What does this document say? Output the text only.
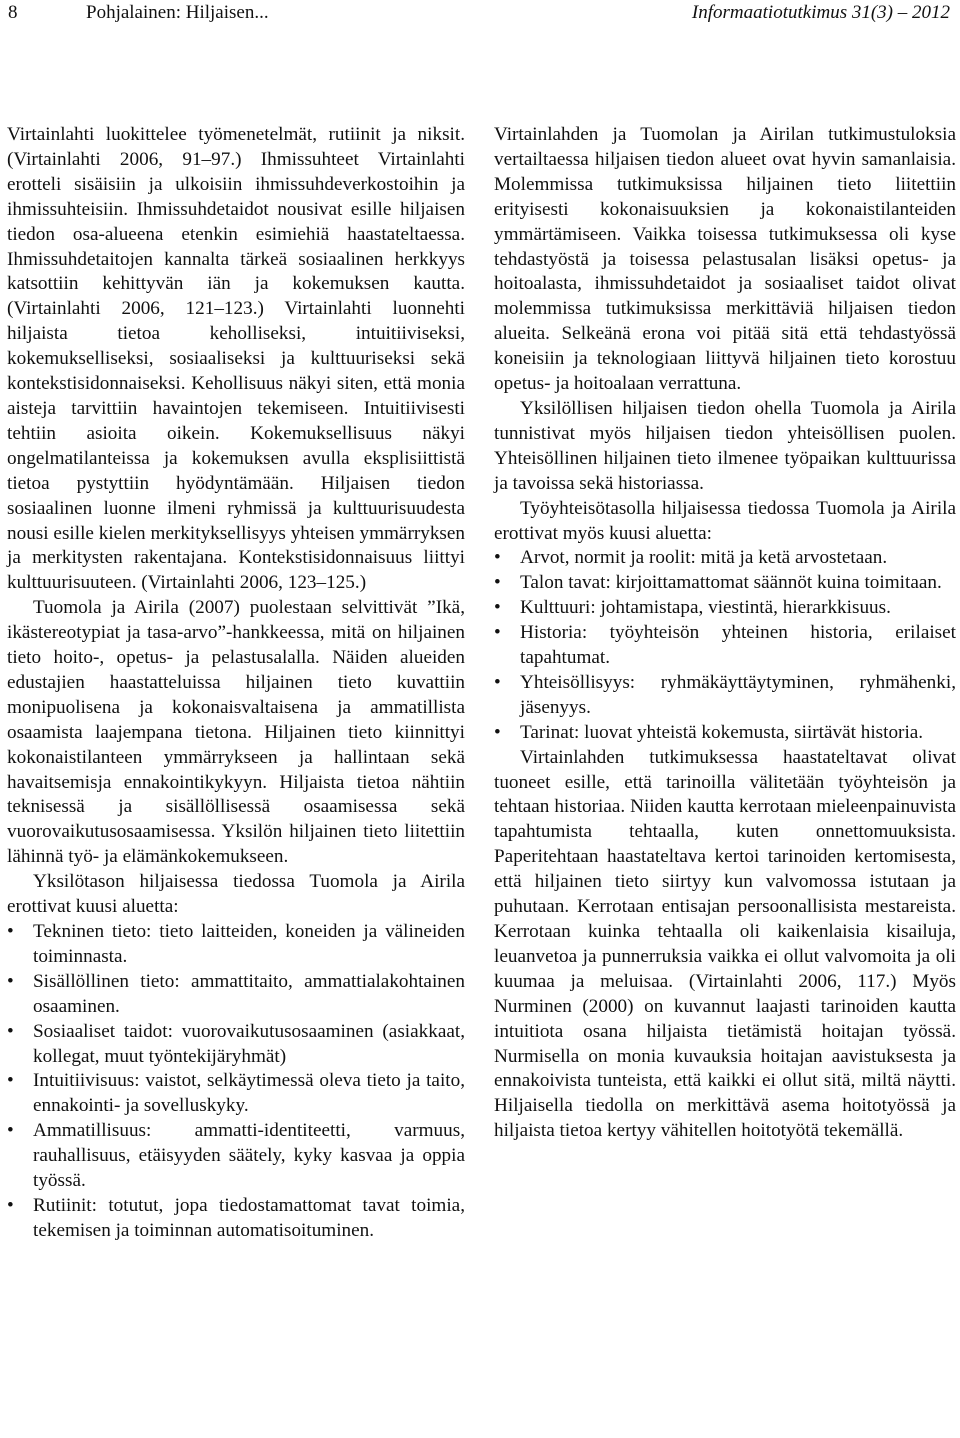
8	Pohjalainen: Hiljaisen...	Informaatiotutkimus 31(3) – 2012

Virtainlahti luokittelee työmenetelmät, rutiinit ja niksit. (Virtainlahti 2006, 91–97.) Ihmissuhteet Virtainlahti erotteli sisäisiin ja ulkoisiin ihmissuhdeverkostoihin ja ihmissuhteisiin. Ihmissuhdetaidot nousivat esille hiljaisen tiedon osa-alueena etenkin esimiehiä haastateltaessa. Ihmissuhdetaitojen kannalta tärkeä sosiaalinen herkkyys katsottiin kehittyvän iän ja kokemuksen kautta. (Virtainlahti 2006, 121–123.) Virtainlahti luonnehti hiljaista tietoa keholliseksi, intuitiiviseksi, kokemukselliseksi, sosiaaliseksi ja kulttuuriseksi sekä kontekstisidonnaiseksi. Kehollisuus näkyi siten, että monia aisteja tarvittiin havaintojen tekemiseen. Intuitiivisesti tehtiin asioita oikein. Kokemuksellisuus näkyi ongelmatilanteissa ja kokemuksen avulla eksplisiittistä tietoa pystyttiin hyödyntämään. Hiljaisen tiedon sosiaalinen luonne ilmeni ryhmissä ja kulttuurisuudesta nousi esille kielen merkityksellisyys yhteisen ymmärryksen ja merkitysten rakentajana. Kontekstisidonnaisuus liittyi kulttuurisuuteen. (Virtainlahti 2006, 123–125.)

Tuomola ja Airila (2007) puolestaan selvittivät ”Ikä, ikästereotypiat ja tasa-arvo”-hankkeessa, mitä on hiljainen tieto hoito-, opetus- ja pelastusalalla. Näiden alueiden edustajien haastatteluissa hiljainen tieto kuvattiin monipuolisena ja kokonaisvaltaisena ja ammatillista osaamista laajempana tietona. Hiljainen tieto kiinnittyi kokonaistilanteen ymmärrykseen ja hallintaan sekä havaitsemisja ennakointikykyyn. Hiljaista tietoa nähtiin teknisessä ja sisällöllisessä osaamisessa sekä vuorovaikutusosaamisessa. Yksilön hiljainen tieto liitettiin lähinnä työ- ja elämänkokemukseen.

Yksilötason hiljaisessa tiedossa Tuomola ja Airila erottivat kuusi aluetta:

• Tekninen tieto: tieto laitteiden, koneiden ja välineiden toiminnasta.
• Sisällöllinen tieto: ammattitaito, ammattialakohtainen osaaminen.
• Sosiaaliset taidot: vuorovaikutusosaaminen (asiakkaat, kollegat, muut työntekijäryhmät)
• Intuitiivisuus: vaistot, selkäytimessä oleva tieto ja taito, ennakointi- ja sovelluskyky.
• Ammatillisuus: ammatti-identiteetti, varmuus, rauhallisuus, etäisyyden säätely, kyky kasvaa ja oppia työssä.
• Rutiinit: totutut, jopa tiedostamattomat tavat toimia, tekemisen ja toiminnan automatisoituminen.

Virtainlahden ja Tuomolan ja Airilan tutkimustuloksia vertailtaessa hiljaisen tiedon alueet ovat hyvin samanlaisia. Molemmissa tutkimuksissa hiljainen tieto liitettiin erityisesti kokonaisuuksien ja kokonaistilanteiden ymmärtämiseen. Vaikka toisessa tutkimuksessa oli kyse tehdastyöstä ja toisessa pelastusalan lisäksi opetus- ja hoitoalasta, ihmissuhdetaidot ja sosiaaliset taidot olivat molemmissa tutkimuksissa merkittäviä hiljaisen tiedon alueita. Selkeänä erona voi pitää sitä että tehdastyössä koneisiin ja teknologiaan liittyvä hiljainen tieto korostuu opetus- ja hoitoalaan verrattuna.

Yksilöllisen hiljaisen tiedon ohella Tuomola ja Airila tunnistivat myös hiljaisen tiedon yhteisöllisen puolen. Yhteisöllinen hiljainen tieto ilmenee työpaikan kulttuurissa ja tavoissa sekä historiassa.

Työyhteisötasolla hiljaisessa tiedossa Tuomola ja Airila erottivat myös kuusi aluetta:

• Arvot, normit ja roolit: mitä ja ketä arvostetaan.
• Talon tavat: kirjoittamattomat säännöt kuina toimitaan.
• Kulttuuri: johtamistapa, viestintä, hierarkkisuus.
• Historia: työyhteisön yhteinen historia, erilaiset tapahtumat.
• Yhteisöllisyys: ryhmäkäyttäytyminen, ryhmähenki, jäsenyys.
• Tarinat: luovat yhteistä kokemusta, siirtävät historia.

Virtainlahden tutkimuksessa haastateltavat olivat tuoneet esille, että tarinoilla välitetään työyhteisön ja tehtaan historiaa. Niiden kautta kerrotaan mieleenpainuvista tapahtumista tehtaalla, kuten onnettomuuksista. Paperitehtaan haastateltava kertoi tarinoiden kertomisesta, että hiljainen tieto siirtyy kun valvomossa istutaan ja puhutaan. Kerrotaan entisajan persoonallisista mestareista. Kerrotaan kuinka tehtaalla oli kaikenlaisia kisailuja, leuanvetoa ja punnerruksia vaikka ei ollut valvomoita ja oli kuumaa ja meluisaa. (Virtainlahti 2006, 117.) Myös Nurminen (2000) on kuvannut laajasti tarinoiden kautta intuitiota osana hiljaista tietämistä hoitajan työssä. Nurmisella on monia kuvauksia hoitajan aavistuksesta ja ennakoivista tunteista, että kaikki ei ollut sitä, miltä näytti. Hiljaisella tiedolla on merkittävä asema hoitotyössä ja hiljaista tietoa kertyy vähitellen hoitotyötä tekemällä.
